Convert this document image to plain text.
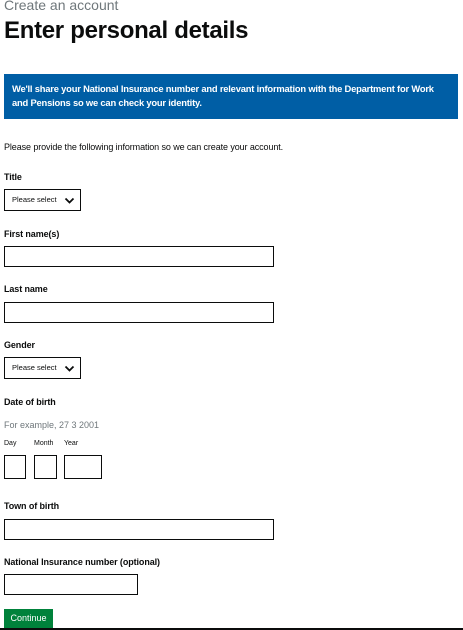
Create an account
Enter personal details
We'll share your National Insurance number and relevant information with the Department for Work and Pensions so we can check your identity.
Please provide the following information so we can create your account.
Title
Please select
First name(s)
Last name
Gender
Please select
Date of birth
For example, 27 3 2001
Day	Month Year
Town of birth
National Insurance number (optional)
Continue
